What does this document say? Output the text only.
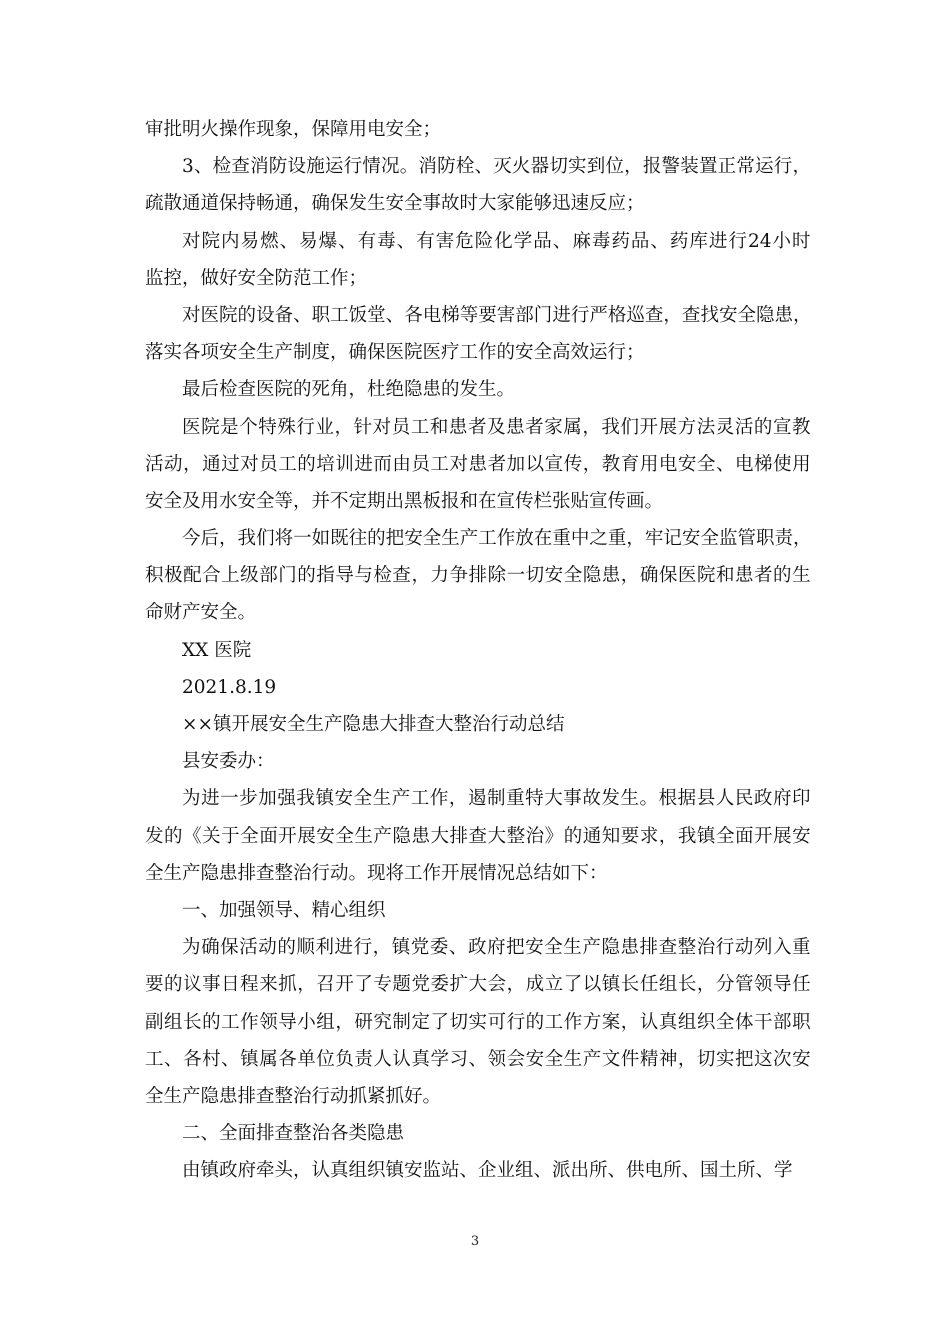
审批明火操作现象，保障用电安全；
3 、 检 查 消 防 设 施 运 行 情 况 。 消 防 栓 、 灭 火 器 切 实 到 位 ， 报 警 装 置 正 常 运 行 ，
疏散通道保持畅通，确保发生安全事故时大家能够迅速反应；
对 院 内 易 燃 、 易 爆 、 有 毒 、 有 害 危 险 化 学 品 、 麻 毒 药 品 、 药 库 进 行 24 小 时
监控，做好安全防范工作；
对 医 院 的 设 备 、 职 工 饭 堂 、 各 电 梯 等 要 害 部 门 进 行 严 格 巡 查 ， 查 找 安 全 隐 患 ，
落实各项安全生产制度，确保医院医疗工作的安全高效运行；
最后检查医院的死角，杜绝隐患的发生。
医 院 是 个 特 殊 行 业 ， 针 对 员 工 和 患 者 及 患 者 家 属 ， 我 们 开 展 方 法 灵 活 的 宣 教
活 动 ， 通 过 对 员 工 的 培 训 进 而 由 员 工 对 患 者 加 以 宣 传 ， 教 育 用 电 安 全 、 电 梯 使 用
安全及用水安全等，并不定期出黑板报和在宣传栏张贴宣传画。
今 后 ， 我 们 将 一 如 既 往 的 把 安 全 生 产 工 作 放 在 重 中 之 重 ， 牢 记 安 全 监 管 职 责 ，
积 极 配 合 上 级 部 门 的 指 导 与 检 查 ， 力 争 排 除 一 切 安 全 隐 患 ， 确 保 医 院 和 患 者 的 生
命财产安全。
XX 医院
2021.8.19
××镇开展安全生产隐患大排查大整治行动总结
县安委办：
为 进 一 步 加 强 我 镇 安 全 生 产 工 作 ， 遏 制 重 特 大 事 故 发 生 。 根 据 县 人 民 政 府 印
发 的 《 关 于 全 面 开 展 安 全 生 产 隐 患 大 排 查 大 整 治 》 的 通 知 要 求 ， 我 镇 全 面 开 展 安
全生产隐患排查整治行动。现将工作开展情况总结如下：
一、加强领导、精心组织
为 确 保 活 动 的 顺 利 进 行 ， 镇 党 委 、 政 府 把 安 全 生 产 隐 患 排 查 整 治 行 动 列 入 重
要 的 议 事 日 程 来 抓 ， 召 开 了 专 题 党 委 扩 大 会 ， 成 立 了 以 镇 长 任 组 长 ， 分 管 领 导 任
副 组 长 的 工 作 领 导 小 组 ， 研 究 制 定 了 切 实 可 行 的 工 作 方 案 ， 认 真 组 织 全 体 干 部 职
工 、 各 村 、 镇 属 各 单 位 负 责 人 认 真 学 习 、 领 会 安 全 生 产 文 件 精 神 ， 切 实 把 这 次 安
全生产隐患排查整治行动抓紧抓好。
二、全面排查整治各类隐患
由镇政府牵头，认真组织镇安监站、企业组、派出所、供电所、国土所、学
3
